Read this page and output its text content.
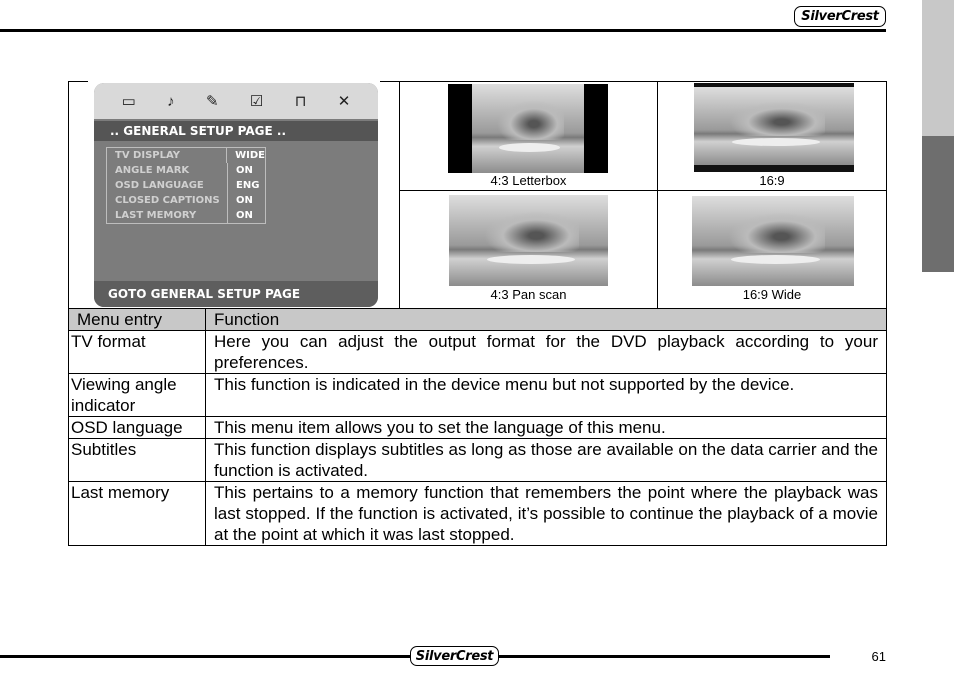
SilverCrest
▭ ♪ ✎ ☑ ⊓ ✕
.. GENERAL SETUP PAGE ..
TV DISPLAY	WIDE
ANGLE MARK	ON
OSD LANGUAGE	ENG
CLOSED CAPTIONS	ON
LAST MEMORY	ON
GOTO GENERAL SETUP PAGE
4:3 Letterbox	16:9
4:3 Pan scan	16:9 Wide
Menu entry	Function
TV format	Here you can adjust the output format for the DVD playback according to your preferences.
Viewing angle indicator	This function is indicated in the device menu but not supported by the device.
OSD language	This menu item allows you to set the language of this menu.
Subtitles	This function displays subtitles as long as those are available on the data carrier and the function is activated.
Last memory	This pertains to a memory function that remembers the point where the playback was last stopped. If the function is activated, it’s possible to continue the playback of a movie at the point at which it was last stopped.
SilverCrest	61
